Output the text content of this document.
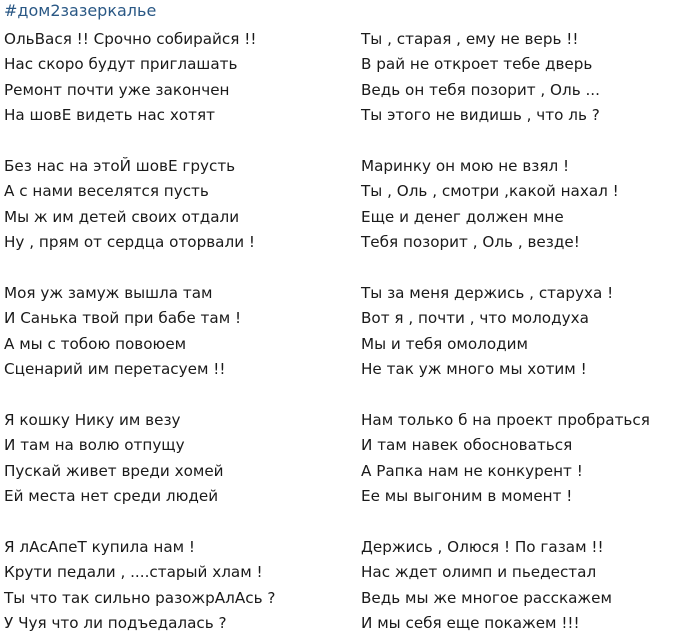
#дом2зазеркалье
ОльВася !! Срочно собирайся !!
Нас скоро будут приглашать
Ремонт почти уже закончен
На шовЕ видеть нас хотят
Без нас на этоЙ шовЕ грусть
А с нами веселятся пусть
Мы ж им детей своих отдали
Ну , прям от сердца оторвали !
Моя уж замуж вышла там
И Санька твой при бабе там !
А мы с тобою повоюем
Сценарий им перетасуем !!
Я кошку Нику им везу
И там на волю отпущу
Пускай живет вреди хомей
Ей места нет среди людей
Я лАсАпеТ купила нам !
Крути педали , ....старый хлам !
Ты что так сильно разожрАлАсь ?
У Чуя что ли подъедалась ?
Ты , старая , ему не верь !!
В рай не откроет тебе дверь
Ведь он тебя позорит , Оль ...
Ты этого не видишь , что ль ?
Маринку он мою не взял !
Ты , Оль , смотри ,какой нахал !
Еще и денег должен мне
Тебя позорит , Оль , везде!
Ты за меня держись , старуха !
Вот я , почти , что молодуха
Мы и тебя омолодим
Не так уж много мы хотим !
Нам только б на проект пробраться
И там навек обосноваться
А Рапка нам не конкурент !
Ее мы выгоним в момент !
Держись , Олюся ! По газам !!
Нас ждет олимп и пьедестал
Ведь мы же многое расскажем
И мы себя еще покажем !!!
